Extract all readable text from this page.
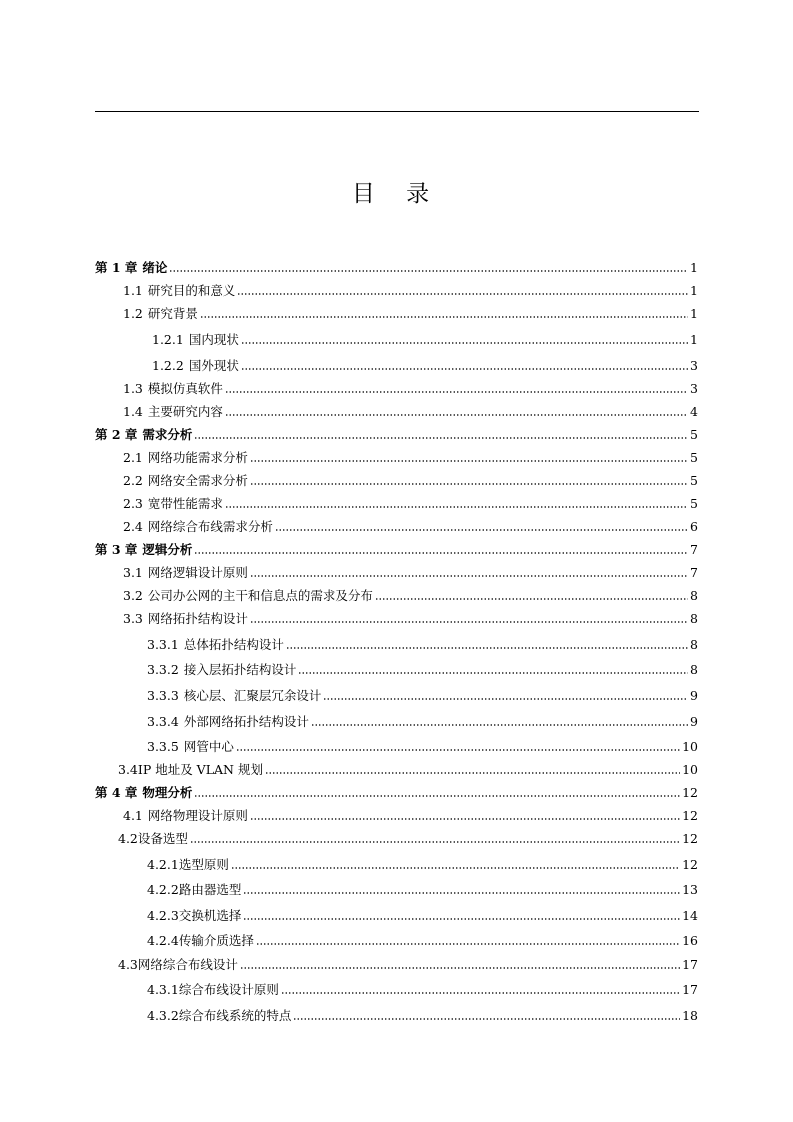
目 录
第 1 章 绪论	1
1.1 研究目的和意义	1
1.2 研究背景	1
1.2.1 国内现状	1
1.2.2 国外现状	3
1.3 模拟仿真软件	3
1.4 主要研究内容	4
第 2 章 需求分析	5
2.1 网络功能需求分析	5
2.2 网络安全需求分析	5
2.3 宽带性能需求	5
2.4 网络综合布线需求分析	6
第 3 章 逻辑分析	7
3.1 网络逻辑设计原则	7
3.2 公司办公网的主干和信息点的需求及分布	8
3.3 网络拓扑结构设计	8
3.3.1 总体拓扑结构设计	8
3.3.2 接入层拓扑结构设计	8
3.3.3 核心层、汇聚层冗余设计	9
3.3.4 外部网络拓扑结构设计	9
3.3.5 网管中心	10
3.4IP 地址及 VLAN 规划	10
第 4 章 物理分析	12
4.1 网络物理设计原则	12
4.2设备选型	12
4.2.1选型原则	12
4.2.2路由器选型	13
4.2.3交换机选择	14
4.2.4传输介质选择	16
4.3网络综合布线设计	17
4.3.1综合布线设计原则	17
4.3.2综合布线系统的特点	18
